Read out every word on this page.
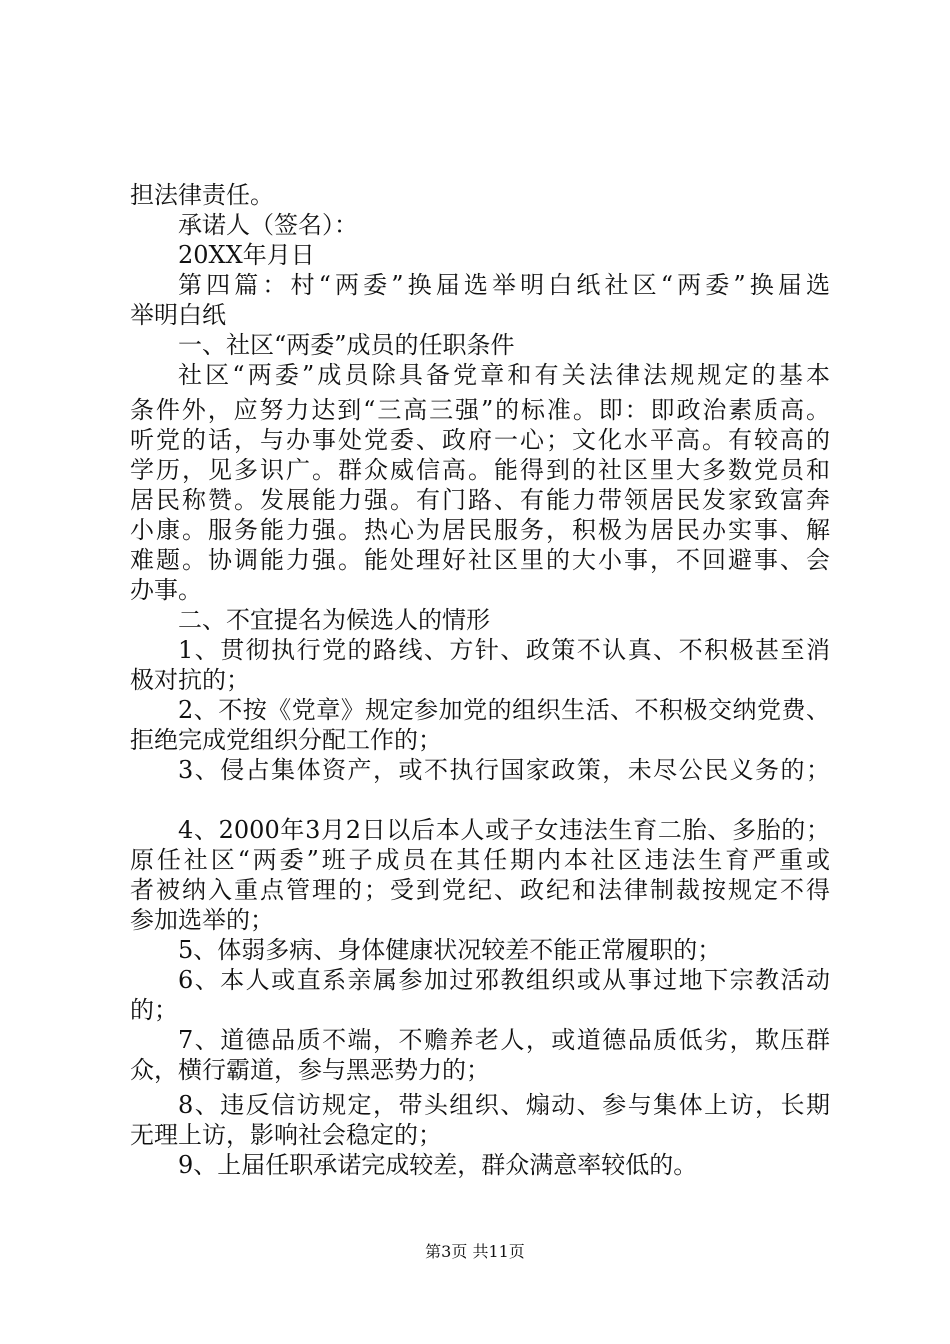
担法律责任。
承诺人（签名）：
20XX年月日
第四篇：村“两委”换届选举明白纸社区“两委”换届选
举明白纸
一、社区“两委”成员的任职条件
社区“两委”成员除具备党章和有关法律法规规定的基本
条件外，应努力达到“三高三强”的标准。即：即政治素质高。
听党的话，与办事处党委、政府一心；文化水平高。有较高的
学历，见多识广。群众威信高。能得到的社区里大多数党员和
居民称赞。发展能力强。有门路、有能力带领居民发家致富奔
小康。服务能力强。热心为居民服务，积极为居民办实事、解
难题。协调能力强。能处理好社区里的大小事，不回避事、会
办事。
二、不宜提名为候选人的情形
1、贯彻执行党的路线、方针、政策不认真、不积极甚至消
极对抗的；
2、不按《党章》规定参加党的组织生活、不积极交纳党费、
拒绝完成党组织分配工作的；
3、侵占集体资产，或不执行国家政策，未尽公民义务的；
4、2000年3月2日以后本人或子女违法生育二胎、多胎的；
原任社区“两委”班子成员在其任期内本社区违法生育严重或
者被纳入重点管理的；受到党纪、政纪和法律制裁按规定不得
参加选举的；
5、体弱多病、身体健康状况较差不能正常履职的；
6、本人或直系亲属参加过邪教组织或从事过地下宗教活动
的；
7、道德品质不端，不赡养老人，或道德品质低劣，欺压群
众，横行霸道，参与黑恶势力的；
8、违反信访规定，带头组织、煽动、参与集体上访，长期
无理上访，影响社会稳定的；
9、上届任职承诺完成较差，群众满意率较低的。
第3页 共11页
